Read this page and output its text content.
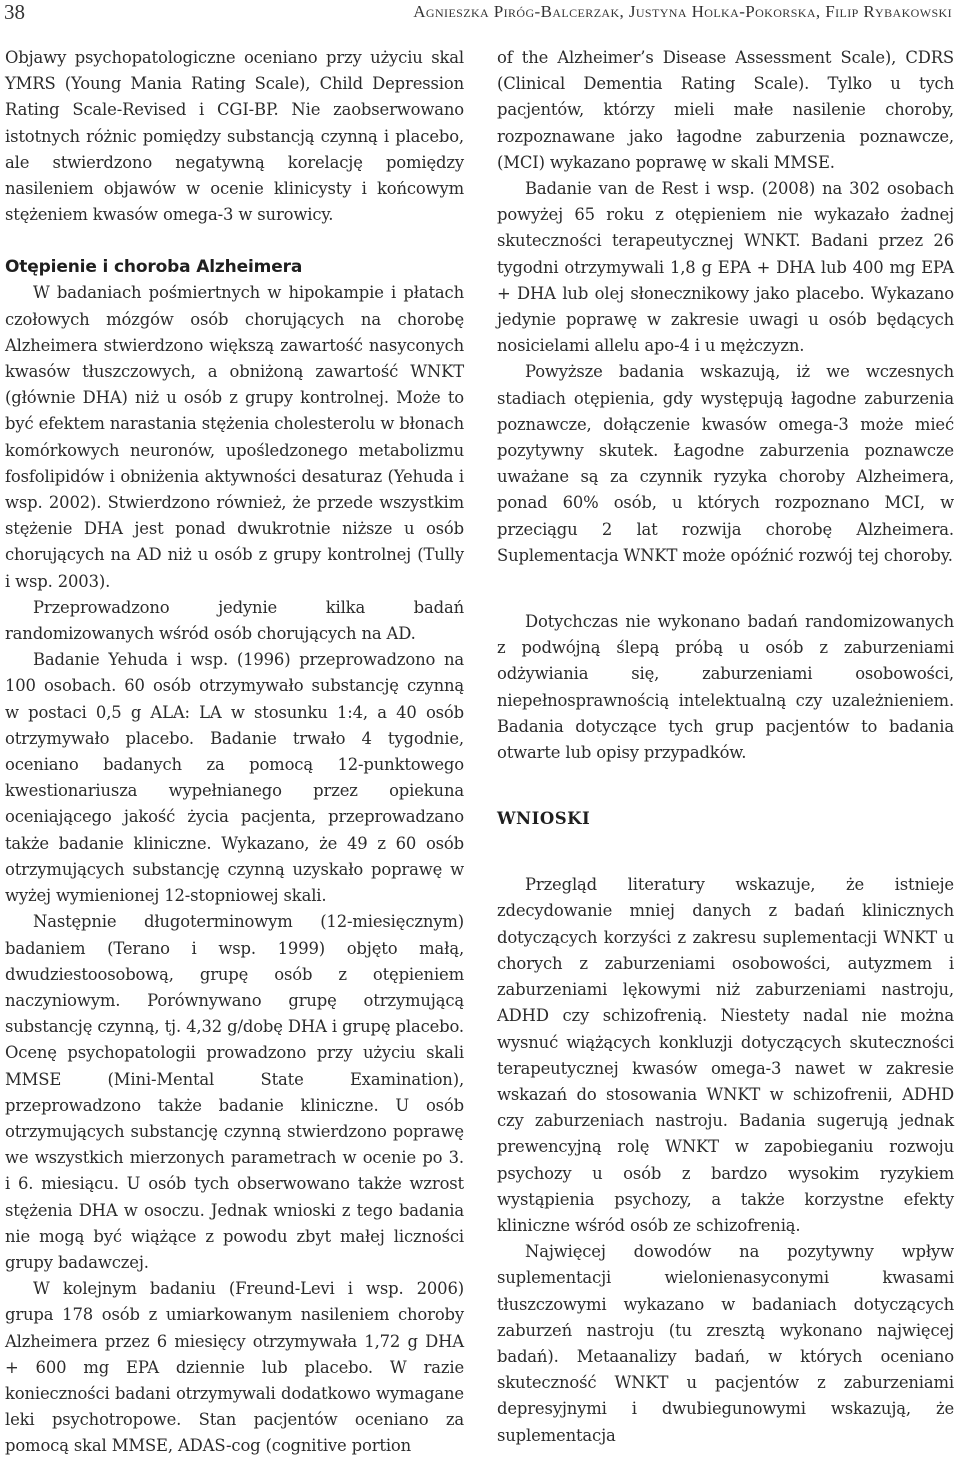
38	Agnieszka Piróg-Balcerzak, Justyna Holka-Pokorska, Filip Rybakowski

Objawy psychopatologiczne oceniano przy użyciu skal YMRS (Young Mania Rating Scale), Child Depression Rating Scale-Revised i CGI-BP. Nie zaobserwowano istotnych różnic pomiędzy substancją czynną i placebo, ale stwierdzono negatywną korelację pomiędzy nasileniem objawów w ocenie klinicysty i końcowym stężeniem kwasów omega-3 w surowicy.

Otępienie i choroba Alzheimera

W badaniach pośmiertnych w hipokampie i płatach czołowych mózgów osób chorujących na chorobę Alzheimera stwierdzono większą zawartość nasyconych kwasów tłuszczowych, a obniżoną zawartość WNKT (głównie DHA) niż u osób z grupy kontrolnej. Może to być efektem narastania stężenia cholesterolu w błonach komórkowych neuronów, upośledzonego metabolizmu fosfolipidów i obniżenia aktywności desaturaz (Yehuda i wsp. 2002). Stwierdzono również, że przede wszystkim stężenie DHA jest ponad dwukrotnie niższe u osób chorujących na AD niż u osób z grupy kontrolnej (Tully i wsp. 2003).

Przeprowadzono jedynie kilka badań randomizowanych wśród osób chorujących na AD.

Badanie Yehuda i wsp. (1996) przeprowadzono na 100 osobach. 60 osób otrzymywało substancję czynną w postaci 0,5 g ALA: LA w stosunku 1:4, a 40 osób otrzymywało placebo. Badanie trwało 4 tygodnie, oceniano badanych za pomocą 12-punktowego kwestionariusza wypełnianego przez opiekuna oceniającego jakość życia pacjenta, przeprowadzano także badanie kliniczne. Wykazano, że 49 z 60 osób otrzymujących substancję czynną uzyskało poprawę w wyżej wymienionej 12-stopniowej skali.

Następnie długoterminowym (12-miesięcznym) badaniem (Terano i wsp. 1999) objęto małą, dwudziestoosobową, grupę osób z otępieniem naczyniowym. Porównywano grupę otrzymującą substancję czynną, tj. 4,32 g/dobę DHA i grupę placebo. Ocenę psychopatologii prowadzono przy użyciu skali MMSE (Mini-Mental State Examination), przeprowadzono także badanie kliniczne. U osób otrzymujących substancję czynną stwierdzono poprawę we wszystkich mierzonych parametrach w ocenie po 3. i 6. miesiącu. U osób tych obserwowano także wzrost stężenia DHA w osoczu. Jednak wnioski z tego badania nie mogą być wiążące z powodu zbyt małej liczności grupy badawczej.

W kolejnym badaniu (Freund-Levi i wsp. 2006) grupa 178 osób z umiarkowanym nasileniem choroby Alzheimera przez 6 miesięcy otrzymywała 1,72 g DHA + 600 mg EPA dziennie lub placebo. W razie konieczności badani otrzymywali dodatkowo wymagane leki psychotropowe. Stan pacjentów oceniano za pomocą skal MMSE, ADAS-cog (cognitive portion

of the Alzheimer’s Disease Assessment Scale), CDRS (Clinical Dementia Rating Scale). Tylko u tych pacjentów, którzy mieli małe nasilenie choroby, rozpoznawane jako łagodne zaburzenia poznawcze, (MCI) wykazano poprawę w skali MMSE.

Badanie van de Rest i wsp. (2008) na 302 osobach powyżej 65 roku z otępieniem nie wykazało żadnej skuteczności terapeutycznej WNKT. Badani przez 26 tygodni otrzymywali 1,8 g EPA + DHA lub 400 mg EPA + DHA lub olej słonecznikowy jako placebo. Wykazano jedynie poprawę w zakresie uwagi u osób będących nosicielami allelu apo-4 i u mężczyzn.

Powyższe badania wskazują, iż we wczesnych stadiach otępienia, gdy występują łagodne zaburzenia poznawcze, dołączenie kwasów omega-3 może mieć pozytywny skutek. Łagodne zaburzenia poznawcze uważane są za czynnik ryzyka choroby Alzheimera, ponad 60% osób, u których rozpoznano MCI, w przeciągu 2 lat rozwija chorobę Alzheimera. Suplementacja WNKT może opóźnić rozwój tej choroby.

Dotychczas nie wykonano badań randomizowanych z podwójną ślepą próbą u osób z zaburzeniami odżywiania się, zaburzeniami osobowości, niepełnosprawnością intelektualną czy uzależnieniem. Badania dotyczące tych grup pacjentów to badania otwarte lub opisy przypadków.

WNIOSKI

Przegląd literatury wskazuje, że istnieje zdecydowanie mniej danych z badań klinicznych dotyczących korzyści z zakresu suplementacji WNKT u chorych z zaburzeniami osobowości, autyzmem i zaburzeniami lękowymi niż zaburzeniami nastroju, ADHD czy schizofrenią. Niestety nadal nie można wysnuć wiążących konkluzji dotyczących skuteczności terapeutycznej kwasów omega-3 nawet w zakresie wskazań do stosowania WNKT w schizofrenii, ADHD czy zaburzeniach nastroju. Badania sugerują jednak prewencyjną rolę WNKT w zapobieganiu rozwoju psychozy u osób z bardzo wysokim ryzykiem wystąpienia psychozy, a także korzystne efekty kliniczne wśród osób ze schizofrenią.

Najwięcej dowodów na pozytywny wpływ suplementacji wielonienasyconymi kwasami tłuszczowymi wykazano w badaniach dotyczących zaburzeń nastroju (tu zresztą wykonano najwięcej badań). Metaanalizy badań, w których oceniano skuteczność WNKT u pacjentów z zaburzeniami depresyjnymi i dwubiegunowymi wskazują, że suplementacja
